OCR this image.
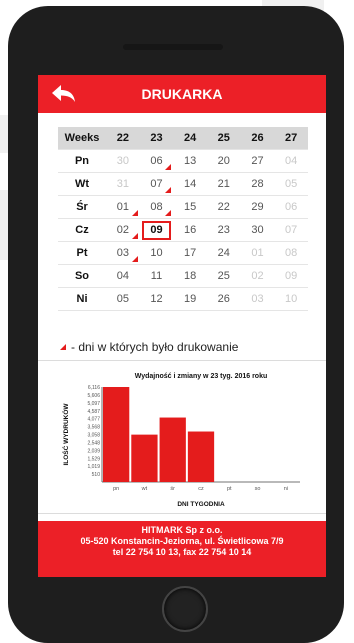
DRUKARKA
Weeks	22	23	24	25	26	27
Pn	30	06	13	20	27	04
Wt	31	07	14	21	28	05
Śr	01	08	15	22	29	06
Cz	02	09	16	23	30	07
Pt	03	10	17	24	01	08
So	04	11	18	25	02	09
Ni	05	12	19	26	03	10
- dni w których było drukowanie
Wydajność i zmiany w 23 tyg. 2016 roku
ILOŚĆ WYDRUKÓW
DNI TYGODNIA
6,116
5,606
5,097
4,587
4,077
3,568
3,058
2,548
2,039
1,529
1,019
510
pn	wt	śr	cz	pt	so	ni
HITMARK Sp z o.o.
05-520 Konstancin-Jeziorna, ul. Świetlicowa 7/9
tel 22 754 10 13, fax 22 754 10 14
